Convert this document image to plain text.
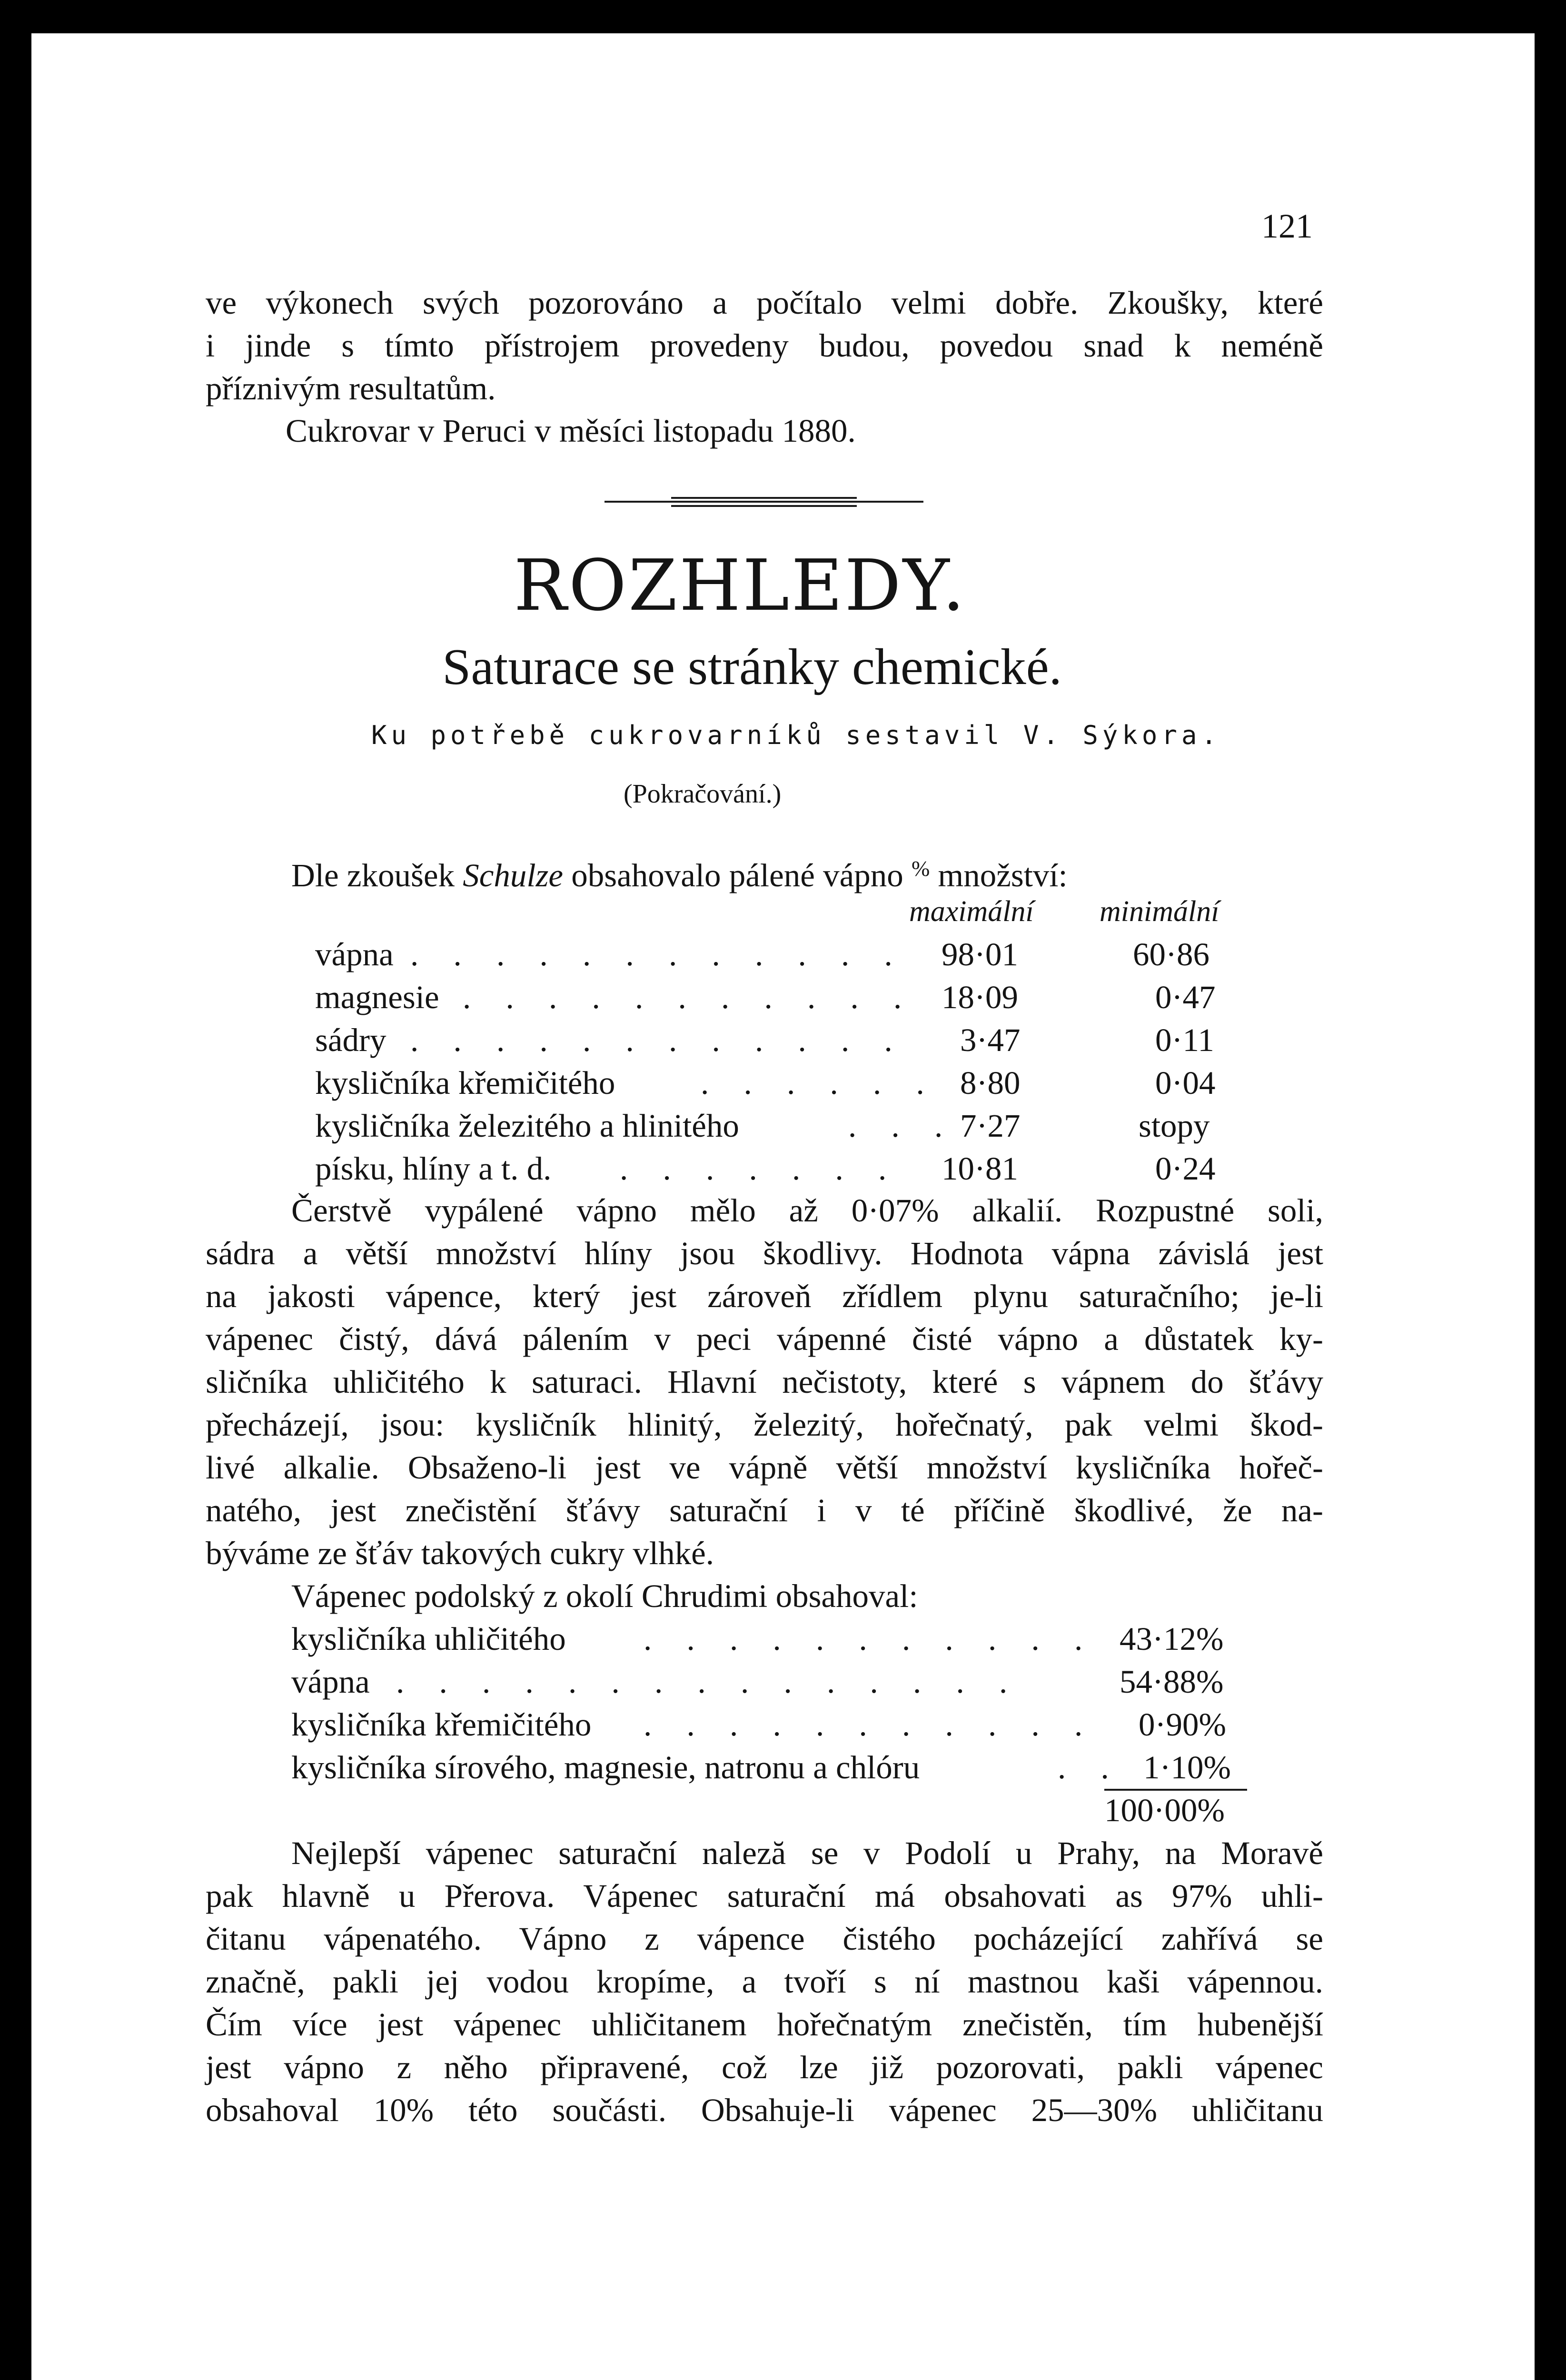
121
ve výkonech svých pozorováno a počítalo velmi dobře. Zkoušky, které
i jinde s tímto přístrojem provedeny budou, povedou snad k neméně
příznivým resultatům.
Cukrovar v Peruci v měsíci listopadu 1880.
ROZHLEDY.
Saturace se stránky chemické.
Ku potřebě cukrovarníků sestavil V. Sýkora.
(Pokračování.)
Dle zkoušek Schulze obsahovalo pálené vápno % množství:
maximální minimální
vápna . . . . . . . . . . . . 98·01	60·86
magnesie . . . . . . . . . . . 18·09	0·47
sádry . . . . . . . . . . . . 3·47	0·11
kysličníka křemičitého	. . . . . . 8·80	0·04
kysličníka železitého a hlinitého	. . . 7·27	stopy
písku, hlíny a t. d. . . . . . . . 10·81	0·24
Čerstvě vypálené vápno mělo až 0·07% alkalií. Rozpustné soli,
sádra a větší množství hlíny jsou škodlivy. Hodnota vápna závislá jest
na jakosti vápence, který jest zároveň zřídlem plynu saturačního; je-li
vápenec čistý, dává pálením v peci vápenné čisté vápno a důstatek ky-
sličníka uhličitého k saturaci. Hlavní nečistoty, které s vápnem do šťávy
přecházejí, jsou: kysličník hlinitý, železitý, hořečnatý, pak velmi škod-
livé alkalie. Obsaženo-li jest ve vápně větší množství kysličníka hořeč-
natého, jest znečistění šťávy saturační i v té příčině škodlivé, že na-
býváme ze šťáv takových cukry vlhké.
Vápenec podolský z okolí Chrudimi obsahoval:
kysličníka uhličitého . . . . . . . . . . . 43·12%
vápna . . . . . . . . . . . . . . .	54·88%
kysličníka křemičitého . . . . . . . . . . . 0·90%
kysličníka sírového, magnesie, natronu a chlóru	. . 1·10%
100·00%
Nejlepší vápenec saturační naleză se v Podolí u Prahy, na Moravě
pak hlavně u Přerova. Vápenec saturační má obsahovati as 97% uhli-
čitanu vápenatého. Vápno z vápence čistého pocházející zahřívá se
značně, pakli jej vodou kropíme, a tvoří s ní mastnou kaši vápennou.
Čím více jest vápenec uhličitanem hořečnatým znečistěn, tím hubenější
jest vápno z něho připravené, což lze již pozorovati, pakli vápenec
obsahoval 10% této součásti. Obsahuje-li vápenec 25—30% uhličitanu
